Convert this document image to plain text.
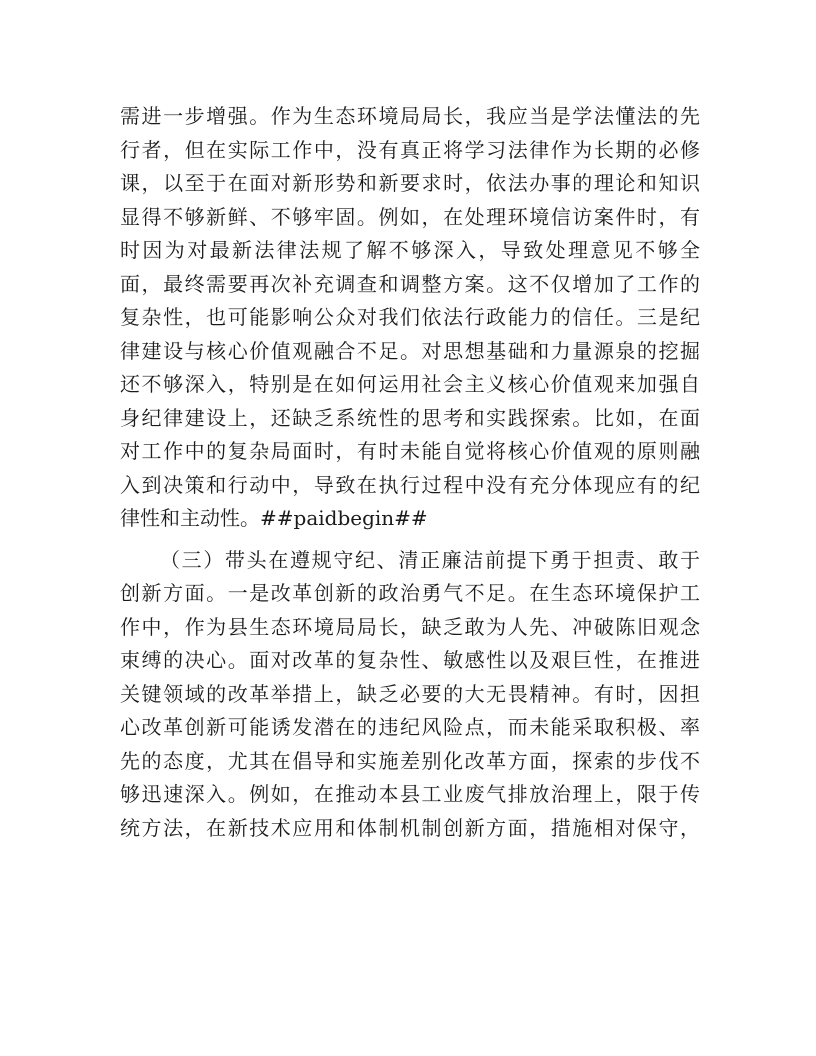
需进一步增强。作为生态环境局局长，我应当是学法懂法的先
行者，但在实际工作中，没有真正将学习法律作为长期的必修
课，以至于在面对新形势和新要求时，依法办事的理论和知识
显得不够新鲜、不够牢固。例如，在处理环境信访案件时，有
时因为对最新法律法规了解不够深入，导致处理意见不够全
面，最终需要再次补充调查和调整方案。这不仅增加了工作的
复杂性，也可能影响公众对我们依法行政能力的信任。三是纪
律建设与核心价值观融合不足。对思想基础和力量源泉的挖掘
还不够深入，特别是在如何运用社会主义核心价值观来加强自
身纪律建设上，还缺乏系统性的思考和实践探索。比如，在面
对工作中的复杂局面时，有时未能自觉将核心价值观的原则融
入到决策和行动中，导致在执行过程中没有充分体现应有的纪
律性和主动性。##paidbegin##
（三）带头在遵规守纪、清正廉洁前提下勇于担责、敢于
创新方面。一是改革创新的政治勇气不足。在生态环境保护工
作中，作为县生态环境局局长，缺乏敢为人先、冲破陈旧观念
束缚的决心。面对改革的复杂性、敏感性以及艰巨性，在推进
关键领域的改革举措上，缺乏必要的大无畏精神。有时，因担
心改革创新可能诱发潜在的违纪风险点，而未能采取积极、率
先的态度，尤其在倡导和实施差别化改革方面，探索的步伐不
够迅速深入。例如，在推动本县工业废气排放治理上，限于传
统方法，在新技术应用和体制机制创新方面，措施相对保守，
